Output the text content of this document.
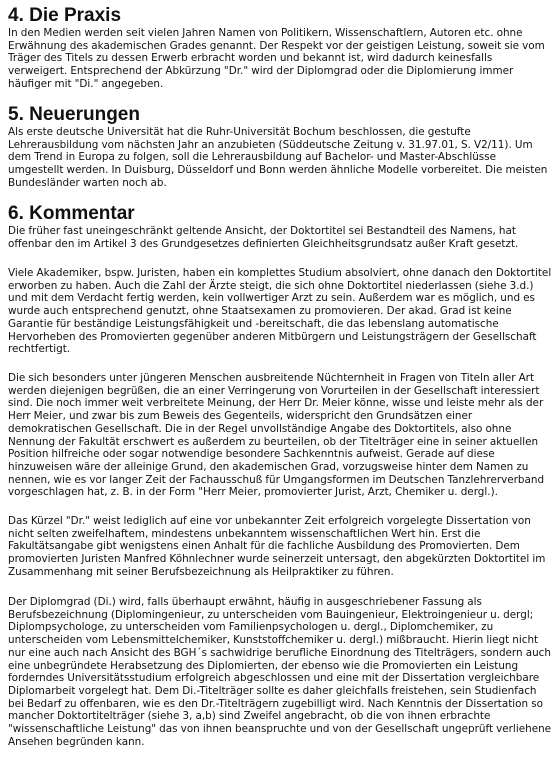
4. Die Praxis

In den Medien werden seit vielen Jahren Namen von Politikern, Wissenschaftlern, Autoren etc. ohne Erwähnung des akademischen Grades genannt. Der Respekt vor der geistigen Leistung, soweit sie vom Träger des Titels zu dessen Erwerb erbracht worden und bekannt ist, wird dadurch keinesfalls verweigert. Entsprechend der Abkürzung "Dr." wird der Diplomgrad oder die Diplomierung immer häufiger mit "Di." angegeben.

5. Neuerungen

Als erste deutsche Universität hat die Ruhr-Universität Bochum beschlossen, die gestufte Lehrerausbildung vom nächsten Jahr an anzubieten (Süddeutsche Zeitung v. 31.97.01, S. V2/11). Um dem Trend in Europa zu folgen, soll die Lehrerausbildung auf Bachelor- und Master-Abschlüsse umgestellt werden. In Duisburg, Düsseldorf und Bonn werden ähnliche Modelle vorbereitet. Die meisten Bundesländer warten noch ab.

6. Kommentar

Die früher fast uneingeschränkt geltende Ansicht, der Doktortitel sei Bestandteil des Namens, hat offenbar den im Artikel 3 des Grundgesetzes definierten Gleichheitsgrundsatz außer Kraft gesetzt.

Viele Akademiker, bspw. Juristen, haben ein komplettes Studium absolviert, ohne danach den Doktortitel erworben zu haben. Auch die Zahl der Ärzte steigt, die sich ohne Doktortitel niederlassen (siehe 3.d.) und mit dem Verdacht fertig werden, kein vollwertiger Arzt zu sein. Außerdem war es möglich, und es wurde auch entsprechend genutzt, ohne Staatsexamen zu promovieren. Der akad. Grad ist keine Garantie für beständige Leistungsfähigkeit und -bereitschaft, die das lebenslang automatische Hervorheben des Promovierten gegenüber anderen Mitbürgern und Leistungsträgern der Gesellschaft rechtfertigt.

Die sich besonders unter jüngeren Menschen ausbreitende Nüchternheit in Fragen von Titeln aller Art werden diejenigen begrüßen, die an einer Verringerung von Vorurteilen in der Gesellschaft interessiert sind. Die noch immer weit verbreitete Meinung, der Herr Dr. Meier könne, wisse und leiste mehr als der Herr Meier, und zwar bis zum Beweis des Gegenteils, widerspricht den Grundsätzen einer demokratischen Gesellschaft. Die in der Regel unvollständige Angabe des Doktortitels, also ohne Nennung der Fakultät erschwert es außerdem zu beurteilen, ob der Titelträger eine in seiner aktuellen Position hilfreiche oder sogar notwendige besondere Sachkenntnis aufweist. Gerade auf diese hinzuweisen wäre der alleinige Grund, den akademischen Grad, vorzugsweise hinter dem Namen zu nennen, wie es vor langer Zeit der Fachausschuß für Umgangsformen im Deutschen Tanzlehrerverband vorgeschlagen hat, z. B. in der Form "Herr Meier, promovierter Jurist, Arzt, Chemiker u. dergl.).

Das Kürzel "Dr." weist lediglich auf eine vor unbekannter Zeit erfolgreich vorgelegte Dissertation von nicht selten zweifelhaftem, mindestens unbekanntem wissenschaftlichen Wert hin. Erst die Fakultätsangabe gibt wenigstens einen Anhalt für die fachliche Ausbildung des Promovierten. Dem promovierten Juristen Manfred Köhnlechner wurde seinerzeit untersagt, den abgekürzten Doktortitel im Zusammenhang mit seiner Berufsbezeichnung als Heilpraktiker zu führen.

Der Diplomgrad (Di.) wird, falls überhaupt erwähnt, häufig in ausgeschriebener Fassung als Berufsbezeichnung (Diplomingenieur, zu unterscheiden vom Bauingenieur, Elektroingenieur u. dergl; Diplompsychologe, zu unterscheiden vom Familienpsychologen u. dergl., Diplomchemiker, zu unterscheiden vom Lebensmittelchemiker, Kunststoffchemiker u. dergl.) mißbraucht. Hierin liegt nicht nur eine auch nach Ansicht des BGH´s sachwidrige berufliche Einordnung des Titelträgers, sondern auch eine unbegründete Herabsetzung des Diplomierten, der ebenso wie die Promovierten ein Leistung forderndes Universitätsstudium erfolgreich abgeschlossen und eine mit der Dissertation vergleichbare Diplomarbeit vorgelegt hat. Dem Di.-Titelträger sollte es daher gleichfalls freistehen, sein Studienfach bei Bedarf zu offenbaren, wie es den Dr.-Titelträgern zugebilligt wird. Nach Kenntnis der Dissertation so mancher Doktortitelträger (siehe 3, a,b) sind Zweifel angebracht, ob die von ihnen erbrachte "wissenschaftliche Leistung" das von ihnen beanspruchte und von der Gesellschaft ungeprüft verliehene Ansehen begründen kann.
